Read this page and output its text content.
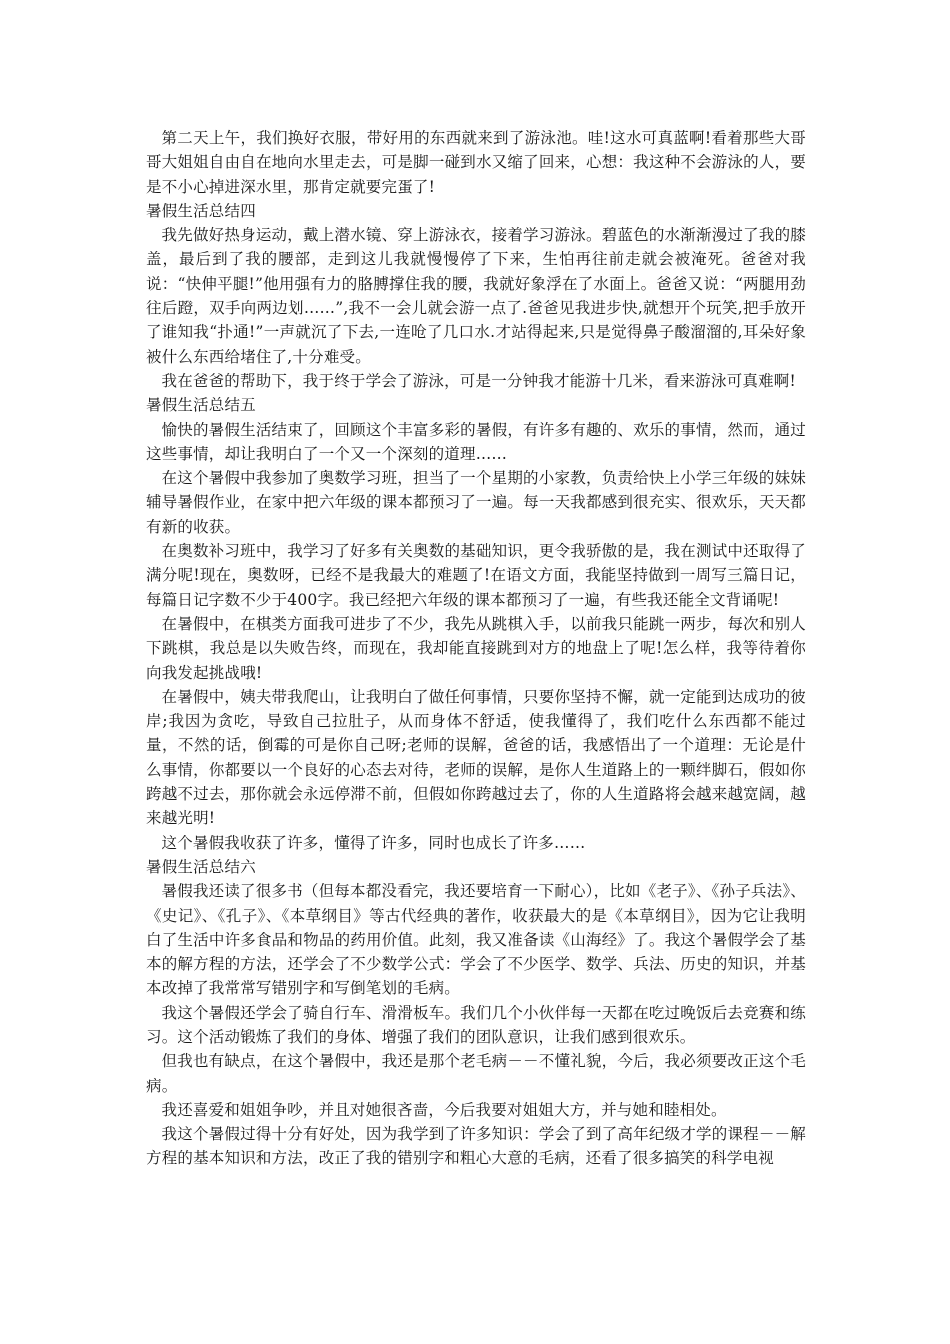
第二天上午，我们换好衣服，带好用的东西就来到了游泳池。哇!这水可真蓝啊!看着那些大哥哥大姐姐自由自在地向水里走去，可是脚一碰到水又缩了回来，心想：我这种不会游泳的人，要是不小心掉进深水里，那肯定就要完蛋了!

暑假生活总结四

我先做好热身运动，戴上潜水镜、穿上游泳衣，接着学习游泳。碧蓝色的水渐渐漫过了我的膝盖，最后到了我的腰部，走到这儿我就慢慢停了下来，生怕再往前走就会被淹死。爸爸对我说：“快伸平腿!”他用强有力的胳膊撑住我的腰，我就好象浮在了水面上。爸爸又说：“两腿用劲往后蹬，双手向两边划……”,我不一会儿就会游一点了.爸爸见我进步快,就想开个玩笑,把手放开了谁知我“扑通!”一声就沉了下去,一连呛了几口水.才站得起来,只是觉得鼻子酸溜溜的,耳朵好象被什么东西给堵住了,十分难受。

我在爸爸的帮助下，我于终于学会了游泳，可是一分钟我才能游十几米，看来游泳可真难啊!

暑假生活总结五

愉快的暑假生活结束了，回顾这个丰富多彩的暑假，有许多有趣的、欢乐的事情，然而，通过这些事情，却让我明白了一个又一个深刻的道理……

在这个暑假中我参加了奥数学习班，担当了一个星期的小家教，负责给快上小学三年级的妹妹辅导暑假作业，在家中把六年级的课本都预习了一遍。每一天我都感到很充实、很欢乐，天天都有新的收获。

在奥数补习班中，我学习了好多有关奥数的基础知识，更令我骄傲的是，我在测试中还取得了满分呢!现在，奥数呀，已经不是我最大的难题了!在语文方面，我能坚持做到一周写三篇日记，每篇日记字数不少于400字。我已经把六年级的课本都预习了一遍，有些我还能全文背诵呢!

在暑假中，在棋类方面我可进步了不少，我先从跳棋入手，以前我只能跳一两步，每次和别人下跳棋，我总是以失败告终，而现在，我却能直接跳到对方的地盘上了呢!怎么样，我等待着你向我发起挑战哦!

在暑假中，姨夫带我爬山，让我明白了做任何事情，只要你坚持不懈，就一定能到达成功的彼岸;我因为贪吃，导致自己拉肚子，从而身体不舒适，使我懂得了，我们吃什么东西都不能过量，不然的话，倒霉的可是你自己呀;老师的误解，爸爸的话，我感悟出了一个道理：无论是什么事情，你都要以一个良好的心态去对待，老师的误解，是你人生道路上的一颗绊脚石，假如你跨越不过去，那你就会永远停滞不前，但假如你跨越过去了，你的人生道路将会越来越宽阔，越来越光明!

这个暑假我收获了许多，懂得了许多，同时也成长了许多……

暑假生活总结六

暑假我还读了很多书（但每本都没看完，我还要培育一下耐心），比如《老子》、《孙子兵法》、《史记》、《孔子》、《本草纲目》等古代经典的著作，收获最大的是《本草纲目》，因为它让我明白了生活中许多食品和物品的药用价值。此刻，我又准备读《山海经》了。我这个暑假学会了基本的解方程的方法，还学会了不少数学公式：学会了不少医学、数学、兵法、历史的知识，并基本改掉了我常常写错别字和写倒笔划的毛病。

我这个暑假还学会了骑自行车、滑滑板车。我们几个小伙伴每一天都在吃过晚饭后去竞赛和练习。这个活动锻炼了我们的身体、增强了我们的团队意识，让我们感到很欢乐。

但我也有缺点，在这个暑假中，我还是那个老毛病－－不懂礼貌，今后，我必须要改正这个毛病。

我还喜爱和姐姐争吵，并且对她很吝啬，今后我要对姐姐大方，并与她和睦相处。

我这个暑假过得十分有好处，因为我学到了许多知识：学会了到了高年纪级才学的课程－－解方程的基本知识和方法，改正了我的错别字和粗心大意的毛病，还看了很多搞笑的科学电视
